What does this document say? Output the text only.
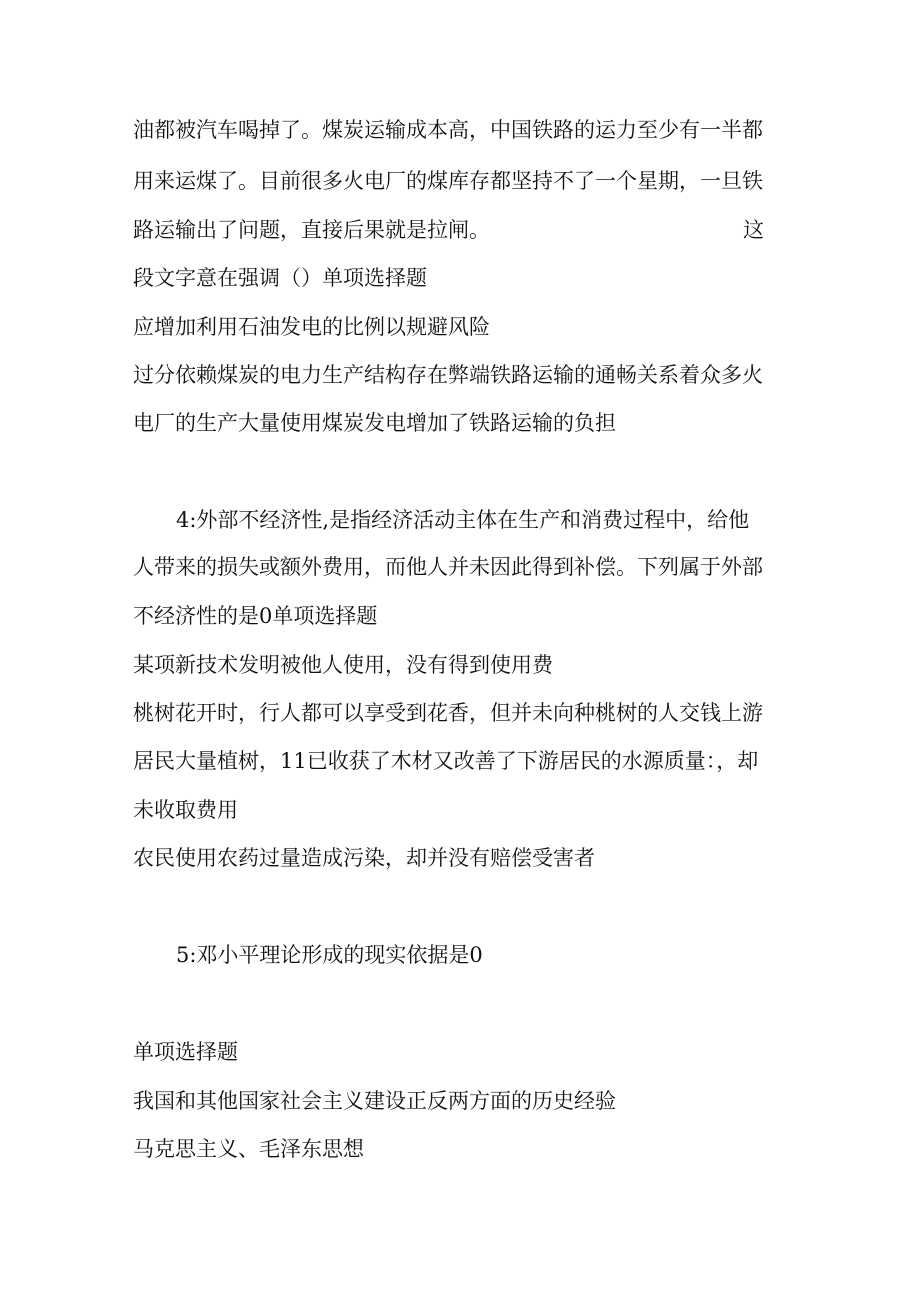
油都被汽车喝掉了。煤炭运输成本高，中国铁路的运力至少有一半都
用来运煤了。目前很多火电厂的煤库存都坚持不了一个星期，一旦铁
路运输出了问题，直接后果就是拉闸。	这
段文字意在强调（）单项选择题
应增加利用石油发电的比例以规避风险
过分依赖煤炭的电力生产结构存在弊端铁路运输的通畅关系着众多火
电厂的生产大量使用煤炭发电增加了铁路运输的负担
4:外部不经济性,是指经济活动主体在生产和消费过程中，给他
人带来的损失或额外费用，而他人并未因此得到补偿。下列属于外部
不经济性的是0单项选择题
某项新技术发明被他人使用，没有得到使用费
桃树花开时，行人都可以享受到花香，但并未向种桃树的人交钱上游
居民大量植树，11已收获了木材又改善了下游居民的水源质量：，却
未收取费用
农民使用农药过量造成污染，却并没有赔偿受害者
5:邓小平理论形成的现实依据是0
单项选择题
我国和其他国家社会主义建设正反两方面的历史经验
马克思主义、毛泽东思想
